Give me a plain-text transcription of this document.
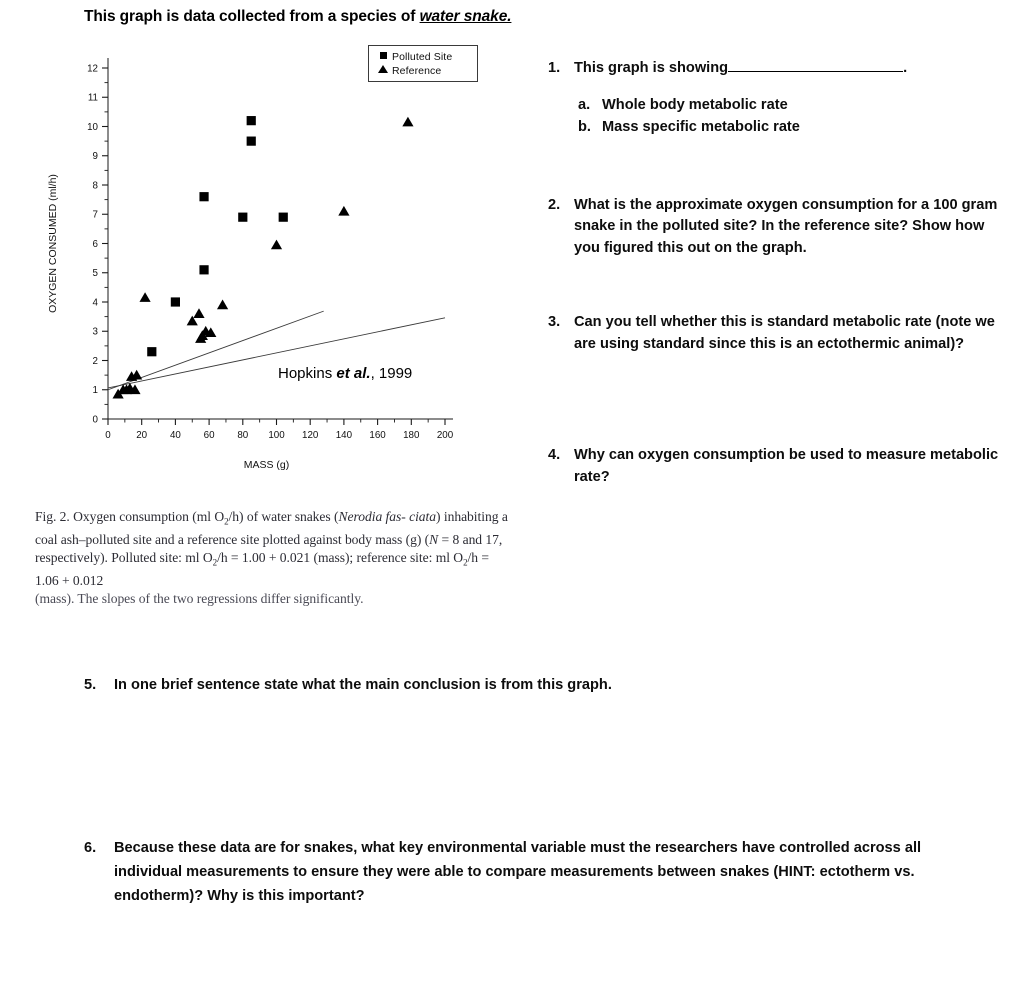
This graph is data collected from a species of water snake.
0
1
2
3
4
5
6
7
8
9
10
11
12
0	20 40 60 80 100 120 140 160 180 200
MASS (g)
OXYGEN CONSUMED (ml/h)
Polluted Site
Reference
Hopkins et al., 1999
Fig. 2. Oxygen consumption (ml $O_2/h$) of water snakes (Nerodia fas- ciata) inhabiting a coal ash–polluted site and a reference site plotted against body mass (g) (N = 8 and 17, respectively). Polluted site: ml $O_2/h = 1.00 + 0.021$ (mass); reference site: ml $O_2/h = 1.06 + 0.012$
(mass). The slopes of the two regressions differ significantly.
1. This graph is showing	.
a. Whole body metabolic rate
b. Mass specific metabolic rate
2. What is the approximate oxygen consumption for a 100 gram snake in the polluted site? In the reference site? Show how you figured this out on the graph.
3. Can you tell whether this is standard metabolic rate (note we are using standard since this is an ectothermic animal)?
4. Why can oxygen consumption be used to measure metabolic rate?
5.	In one brief sentence state what the main conclusion is from this graph.
6.	Because these data are for snakes, what key environmental variable must the researchers have controlled across all individual measurements to ensure they were able to compare measurements between snakes (HINT: ectotherm vs. endotherm)? Why is this important?
